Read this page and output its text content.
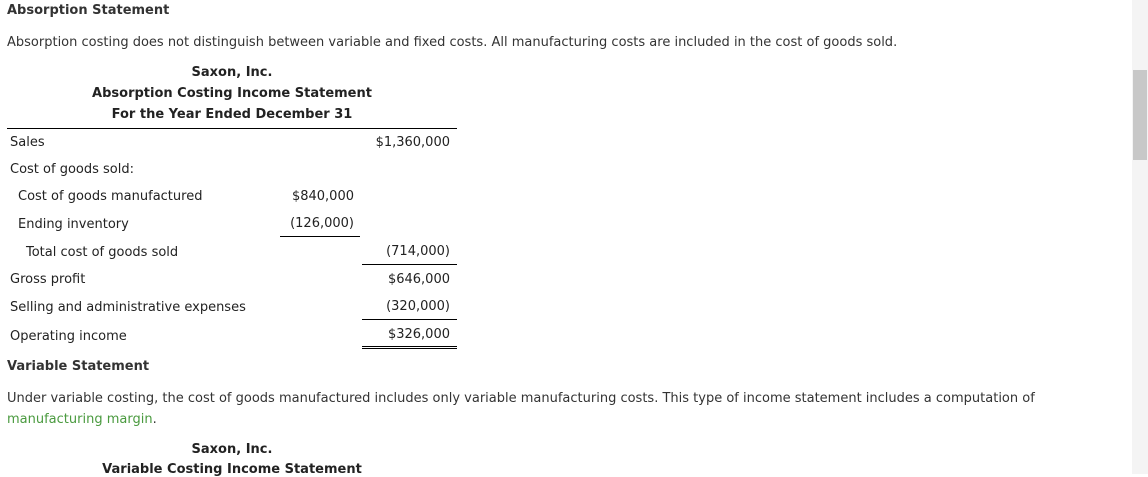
Absorption Statement
Absorption costing does not distinguish between variable and fixed costs. All manufacturing costs are included in the cost of goods sold.
Saxon, Inc.
Absorption Costing Income Statement
For the Year Ended December 31
Sales	$1,360,000
Cost of goods sold:
Cost of goods manufactured	$840,000
Ending inventory	(126,000)
Total cost of goods sold	(714,000)
Gross profit	$646,000
Selling and administrative expenses	(320,000)
Operating income	$326,000
Variable Statement
Under variable costing, the cost of goods manufactured includes only variable manufacturing costs. This type of income statement includes a computation of manufacturing margin.
Saxon, Inc.
Variable Costing Income Statement
